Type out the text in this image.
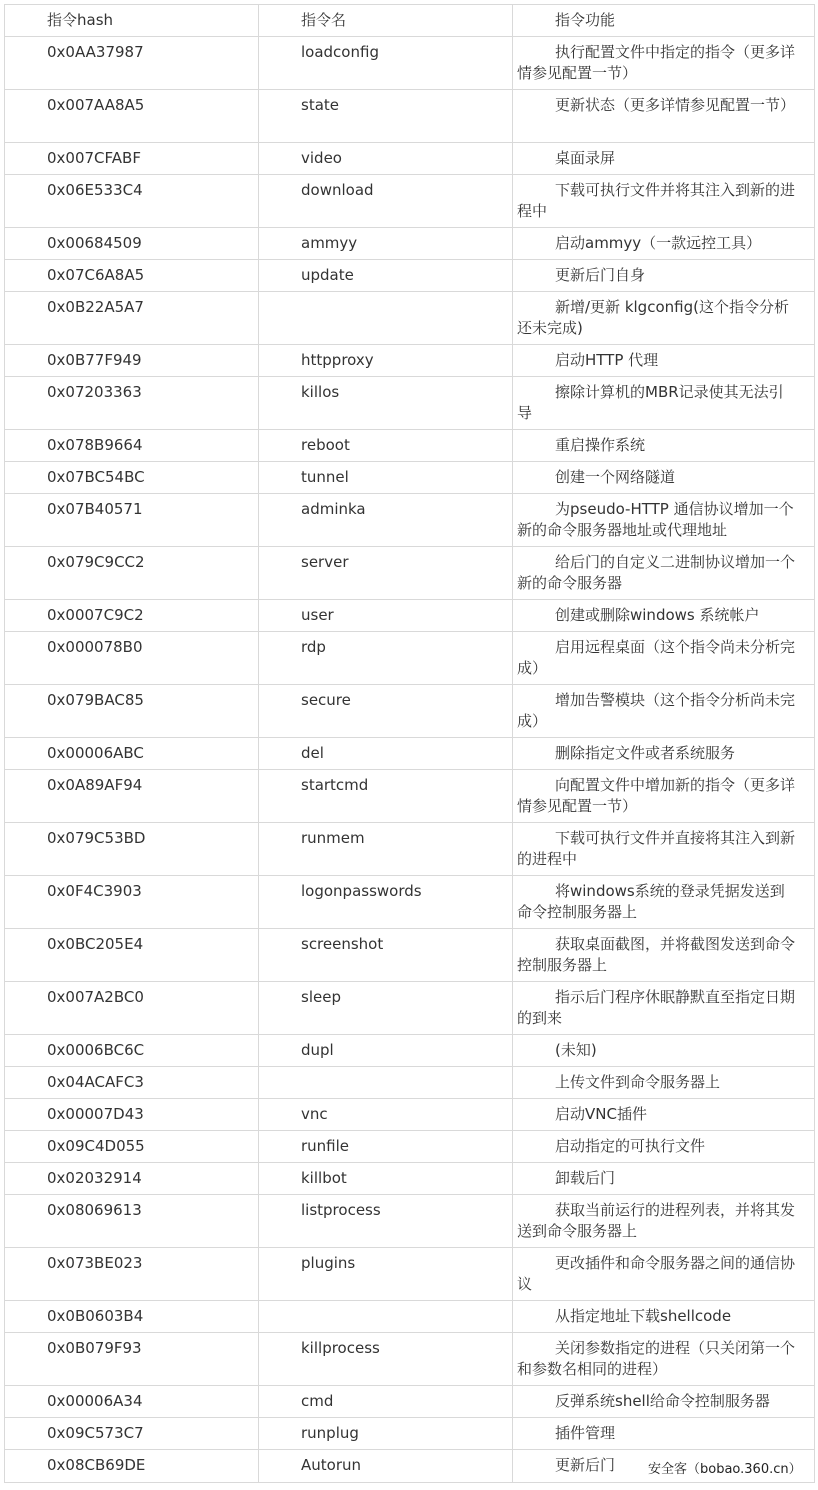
指令hash	指令名	指令功能
0x0AA37987	loadconfig	执行配置文件中指定的指令（更多详情参见配置一节）
0x007AA8A5	state	更新状态（更多详情参见配置一节）
0x007CFABF	video	桌面录屏
0x06E533C4	download	下载可执行文件并将其注入到新的进程中
0x00684509	ammyy	启动ammyy（一款远控工具）
0x07C6A8A5	update	更新后门自身
0x0B22A5A7		新增/更新 klgconfig(这个指令分析还未完成)
0x0B77F949	httpproxy	启动HTTP 代理
0x07203363	killos	擦除计算机的MBR记录使其无法引导
0x078B9664	reboot	重启操作系统
0x07BC54BC	tunnel	创建一个网络隧道
0x07B40571	adminka	为pseudo-HTTP 通信协议增加一个新的命令服务器地址或代理地址
0x079C9CC2	server	给后门的自定义二进制协议增加一个新的命令服务器
0x0007C9C2	user	创建或删除windows 系统帐户
0x000078B0	rdp	启用远程桌面（这个指令尚未分析完成）
0x079BAC85	secure	增加告警模块（这个指令分析尚未完成）
0x00006ABC	del	删除指定文件或者系统服务
0x0A89AF94	startcmd	向配置文件中增加新的指令（更多详情参见配置一节）
0x079C53BD	runmem	下载可执行文件并直接将其注入到新的进程中
0x0F4C3903	logonpasswords	将windows系统的登录凭据发送到命令控制服务器上
0x0BC205E4	screenshot	获取桌面截图，并将截图发送到命令控制服务器上
0x007A2BC0	sleep	指示后门程序休眠静默直至指定日期的到来
0x0006BC6C	dupl	(未知)
0x04ACAFC3		上传文件到命令服务器上
0x00007D43	vnc	启动VNC插件
0x09C4D055	runfile	启动指定的可执行文件
0x02032914	killbot	卸载后门
0x08069613	listprocess	获取当前运行的进程列表，并将其发送到命令服务器上
0x073BE023	plugins	更改插件和命令服务器之间的通信协议
0x0B0603B4		从指定地址下载shellcode
0x0B079F93	killprocess	关闭参数指定的进程（只关闭第一个和参数名相同的进程）
0x00006A34	cmd	反弹系统shell给命令控制服务器
0x09C573C7	runplug	插件管理
0x08CB69DE	Autorun	更新后门	安全客（bobao.360.cn）
